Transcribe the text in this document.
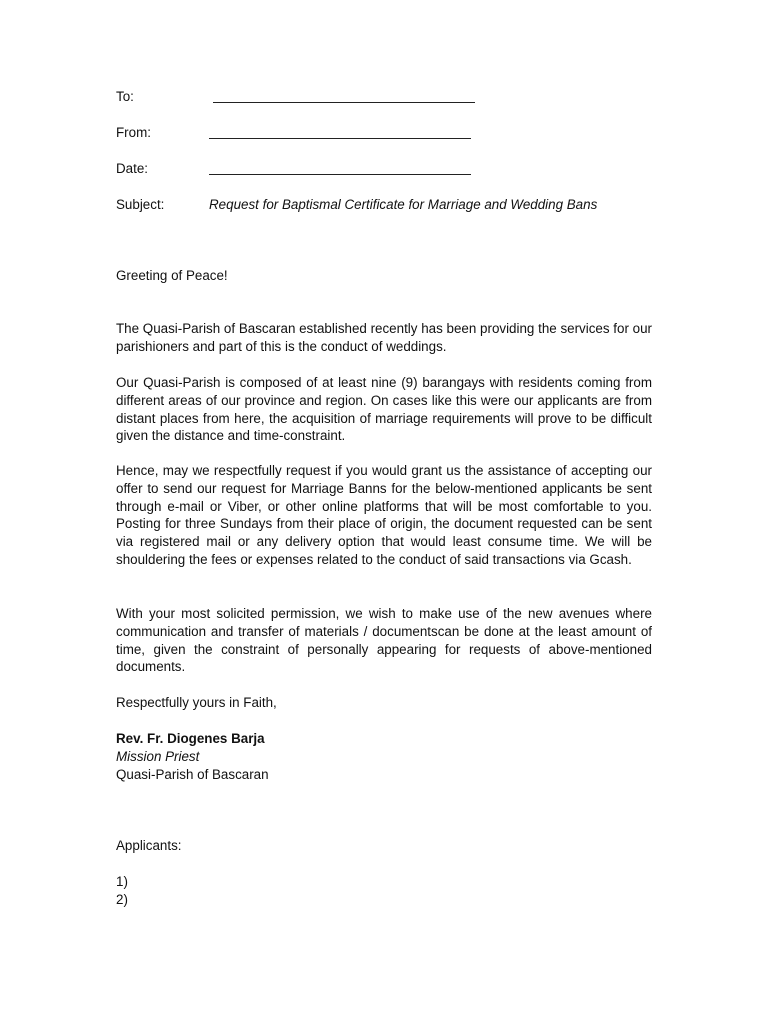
To:
From:
Date:
Subject:	Request for Baptismal Certificate for Marriage and Wedding Bans

Greeting of Peace!

The Quasi-Parish of Bascaran established recently has been providing the services for our parishioners and part of this is the conduct of weddings.

Our Quasi-Parish is composed of at least nine (9) barangays with residents coming from different areas of our province and region. On cases like this were our applicants are from distant places from here, the acquisition of marriage requirements will prove to be difficult given the distance and time-constraint.

Hence, may we respectfully request if you would grant us the assistance of accepting our offer to send our request for Marriage Banns for the below-mentioned applicants be sent through e-mail or Viber, or other online platforms that will be most comfortable to you. Posting for three Sundays from their place of origin, the document requested can be sent via registered mail or any delivery option that would least consume time. We will be shouldering the fees or expenses related to the conduct of said transactions via Gcash.

With your most solicited permission, we wish to make use of the new avenues where communication and transfer of materials / documentscan be done at the least amount of time, given the constraint of personally appearing for requests of above-mentioned documents.

Respectfully yours in Faith,

Rev. Fr. Diogenes Barja

Mission Priest

Quasi-Parish of Bascaran

Applicants:

1)

2)
